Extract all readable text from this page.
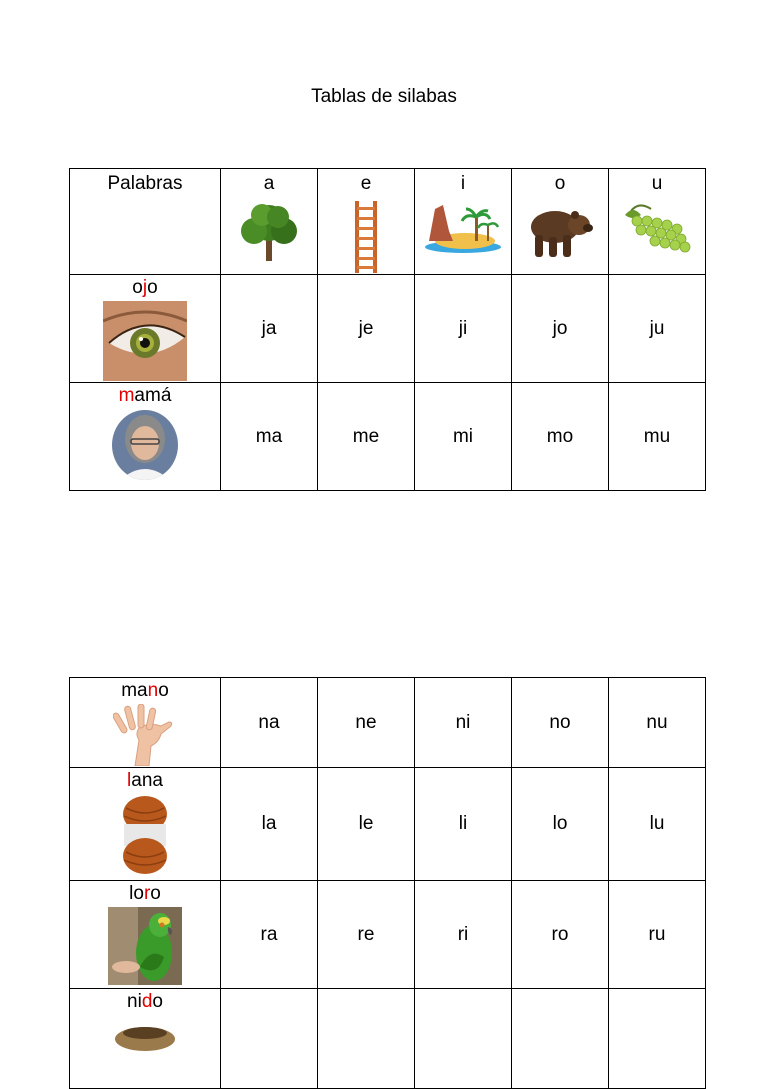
Tablas de silabas
Palabras	a	e	i	o	u

ojo	ja	je	ji	jo	ju

mamá	ma	me	mi	mo	mu
mano	na	ne	ni	no	nu

lana	la	le	li	lo	lu

loro	ra	re	ri	ro	ru

nido					
